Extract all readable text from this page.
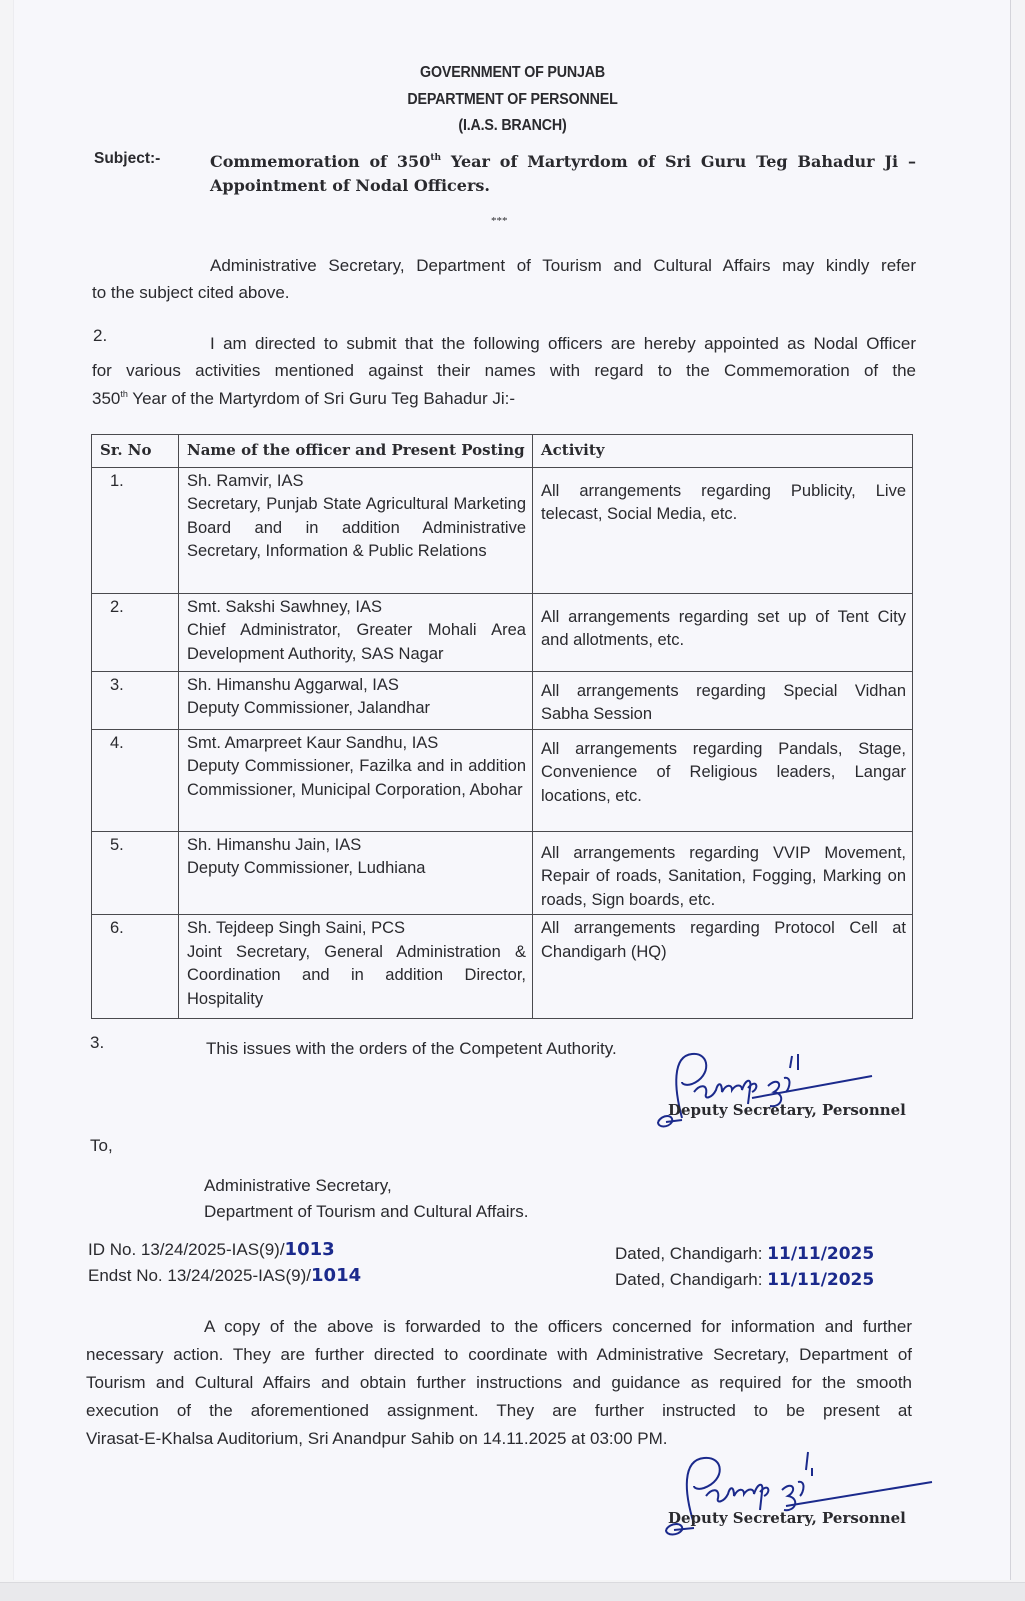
GOVERNMENT OF PUNJAB
DEPARTMENT OF PERSONNEL
(I.A.S. BRANCH)
Subject:-	Commemoration of 350th Year of Martyrdom of Sri Guru Teg Bahadur Ji –
Appointment of Nodal Officers.
***
Administrative Secretary, Department of Tourism and Cultural Affairs may kindly refer
to the subject cited above.
2.	I am directed to submit that the following officers are hereby appointed as Nodal Officer
for various activities mentioned against their names with regard to the Commemoration of the
350th Year of the Martyrdom of Sri Guru Teg Bahadur Ji:-
Sr. No	Name of the officer and Present Posting	Activity
1.	Sh. Ramvir, IAS
Secretary, Punjab State Agricultural Marketing Board and in addition Administrative Secretary, Information & Public Relations	All arrangements regarding Publicity, Live telecast, Social Media, etc.

2.	Smt. Sakshi Sawhney, IAS
Chief Administrator, Greater Mohali Area Development Authority, SAS Nagar	All arrangements regarding set up of Tent City and allotments, etc.

3.	Sh. Himanshu Aggarwal, IAS
Deputy Commissioner, Jalandhar	All arrangements regarding Special Vidhan Sabha Session

4.	Smt. Amarpreet Kaur Sandhu, IAS
Deputy Commissioner, Fazilka and in addition Commissioner, Municipal Corporation, Abohar	All arrangements regarding Pandals, Stage, Convenience of Religious leaders, Langar locations, etc.

5.	Sh. Himanshu Jain, IAS
Deputy Commissioner, Ludhiana	All arrangements regarding VVIP Movement, Repair of roads, Sanitation, Fogging, Marking on roads, Sign boards, etc.

6.	Sh. Tejdeep Singh Saini, PCS
Joint Secretary, General Administration & Coordination and in addition Director, Hospitality	All arrangements regarding Protocol Cell at Chandigarh (HQ)
3.	This issues with the orders of the Competent Authority.
Deputy Secretary, Personnel
To,
Administrative Secretary,
Department of Tourism and Cultural Affairs.
ID No. 13/24/2025-IAS(9)/1013
Endst No. 13/24/2025-IAS(9)/1014
Dated, Chandigarh: 11/11/2025
Dated, Chandigarh: 11/11/2025
A copy of the above is forwarded to the officers concerned for information and further
necessary action. They are further directed to coordinate with Administrative Secretary, Department of
Tourism and Cultural Affairs and obtain further instructions and guidance as required for the smooth
execution of the aforementioned assignment. They are further instructed to be present at
Virasat-E-Khalsa Auditorium, Sri Anandpur Sahib on 14.11.2025 at 03:00 PM.
Deputy Secretary, Personnel
